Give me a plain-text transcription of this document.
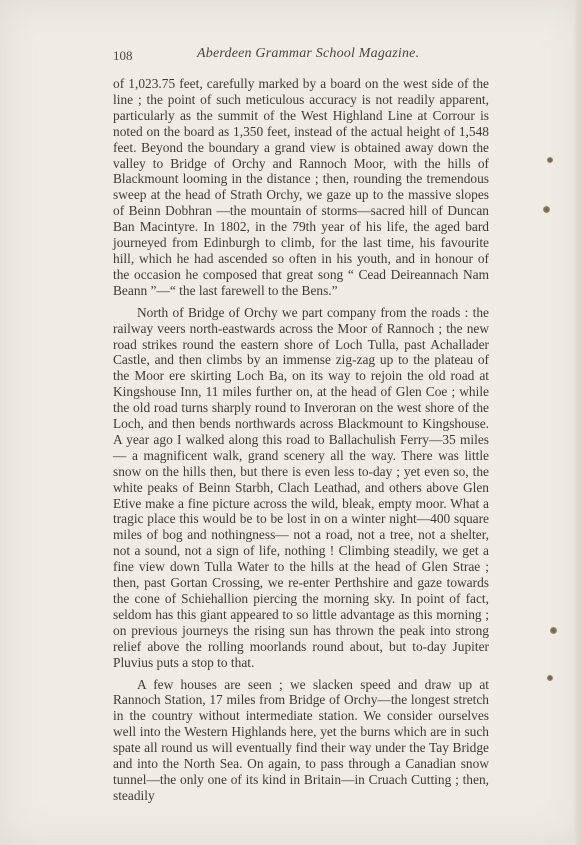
108	Aberdeen Grammar School Magazine.

of 1,023.75 feet, carefully marked by a board on the west side of the line ; the point of such meticulous accuracy is not readily apparent, particularly as the summit of the West Highland Line at Corrour is noted on the board as 1,350 feet, instead of the actual height of 1,548 feet. Beyond the boundary a grand view is obtained away down the valley to Bridge of Orchy and Rannoch Moor, with the hills of Blackmount looming in the distance ; then, rounding the tremendous sweep at the head of Strath Orchy, we gaze up to the massive slopes of Beinn Dobhran —the mountain of storms—sacred hill of Duncan Ban Macintyre. In 1802, in the 79th year of his life, the aged bard journeyed from Edinburgh to climb, for the last time, his favourite hill, which he had ascended so often in his youth, and in honour of the occasion he composed that great song “ Cead Deireannach Nam Beann ”—“ the last farewell to the Bens.”

North of Bridge of Orchy we part company from the roads : the railway veers north-eastwards across the Moor of Rannoch ; the new road strikes round the eastern shore of Loch Tulla, past Achallader Castle, and then climbs by an immense zig-zag up to the plateau of the Moor ere skirting Loch Ba, on its way to rejoin the old road at Kingshouse Inn, 11 miles further on, at the head of Glen Coe ; while the old road turns sharply round to Inveroran on the west shore of the Loch, and then bends northwards across Blackmount to Kingshouse. A year ago I walked along this road to Ballachulish Ferry—35 miles— a magnificent walk, grand scenery all the way. There was little snow on the hills then, but there is even less to-day ; yet even so, the white peaks of Beinn Starbh, Clach Leathad, and others above Glen Etive make a fine picture across the wild, bleak, empty moor. What a tragic place this would be to be lost in on a winter night—400 square miles of bog and nothingness— not a road, not a tree, not a shelter, not a sound, not a sign of life, nothing ! Climbing steadily, we get a fine view down Tulla Water to the hills at the head of Glen Strae ; then, past Gortan Crossing, we re-enter Perthshire and gaze towards the cone of Schiehallion piercing the morning sky. In point of fact, seldom has this giant appeared to so little advantage as this morning ; on previous journeys the rising sun has thrown the peak into strong relief above the rolling moorlands round about, but to-day Jupiter Pluvius puts a stop to that.

A few houses are seen ; we slacken speed and draw up at Rannoch Station, 17 miles from Bridge of Orchy—the longest stretch in the country without intermediate station. We consider ourselves well into the Western Highlands here, yet the burns which are in such spate all round us will eventually find their way under the Tay Bridge and into the North Sea. On again, to pass through a Canadian snow tunnel—the only one of its kind in Britain—in Cruach Cutting ; then, steadily
